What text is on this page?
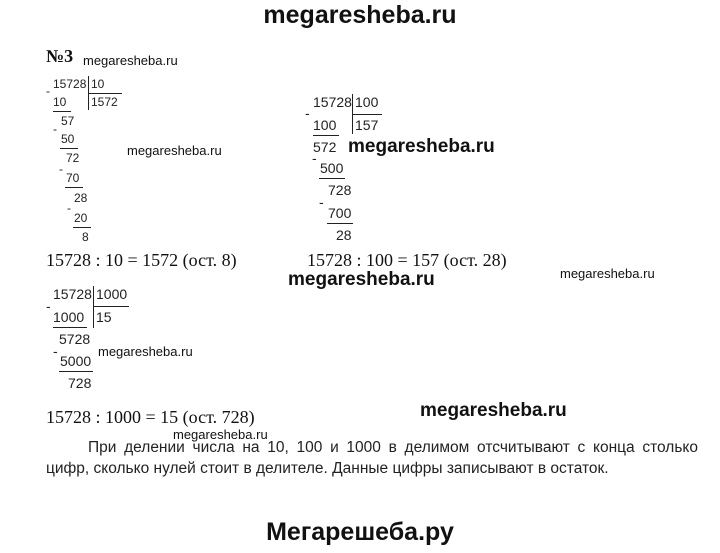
megaresheba.ru
Мегарешеба.ру
№3 megaresheba.ru
megaresheba.ru	megaresheba.ru
megaresheba.ru
megaresheba.ru
megaresheba.ru
megaresheba.ru
megaresheba.ru
15728 10
1572
-
10
57
-
50
72
-
70
28
-
20
8
15728 : 10 = 1572 (ост. 8)
15728 100
157
-
100
572
-
500
728
-
700
28
15728 : 100 = 157 (ост. 28)
15728 1000
15
-
1000
5728
-
5000
728
15728 : 1000 = 15 (ост. 728)
При делении числа на 10, 100 и 1000 в делимом отсчитывают с конца столько цифр, сколько нулей стоит в делителе. Данные цифры записывают в остаток.
